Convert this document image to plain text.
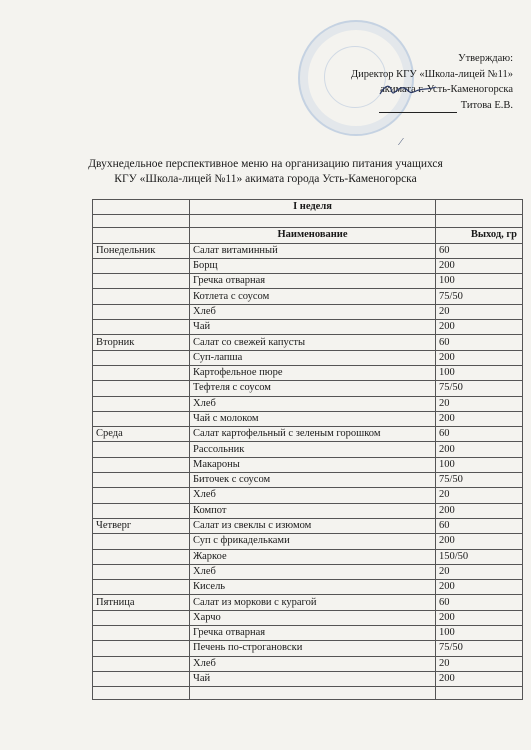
Утверждаю:
Директор КГУ «Школа-лицей №11»
акимата г. Усть-Каменогорска
Титова Е.В.
⁄
Двухнедельное перспективное меню на организацию питания учащихся
КГУ «Школа-лицей №11» акимата города Усть-Каменогорска
	I неделя	

	Наименование	Выход, гр
Понедельник	Салат витаминный	60
	Борщ	200
	Гречка отварная	100
	Котлета с соусом	75/50
	Хлеб	20
	Чай	200
Вторник	Салат со свежей капусты	60
	Суп-лапша	200
	Картофельное пюре	100
	Тефтеля с соусом	75/50
	Хлеб	20
	Чай с молоком	200
Среда	Салат картофельный с зеленым горошком	60
	Рассольник	200
	Макароны	100
	Биточек с соусом	75/50
	Хлеб	20
	Компот	200
Четверг	Салат из свеклы с изюмом	60
	Суп с фрикадельками	200
	Жаркое	150/50
	Хлеб	20
	Кисель	200
Пятница	Салат из моркови с курагой	60
	Харчо	200
	Гречка отварная	100
	Печень по-строгановски	75/50
	Хлеб	20
	Чай	200
